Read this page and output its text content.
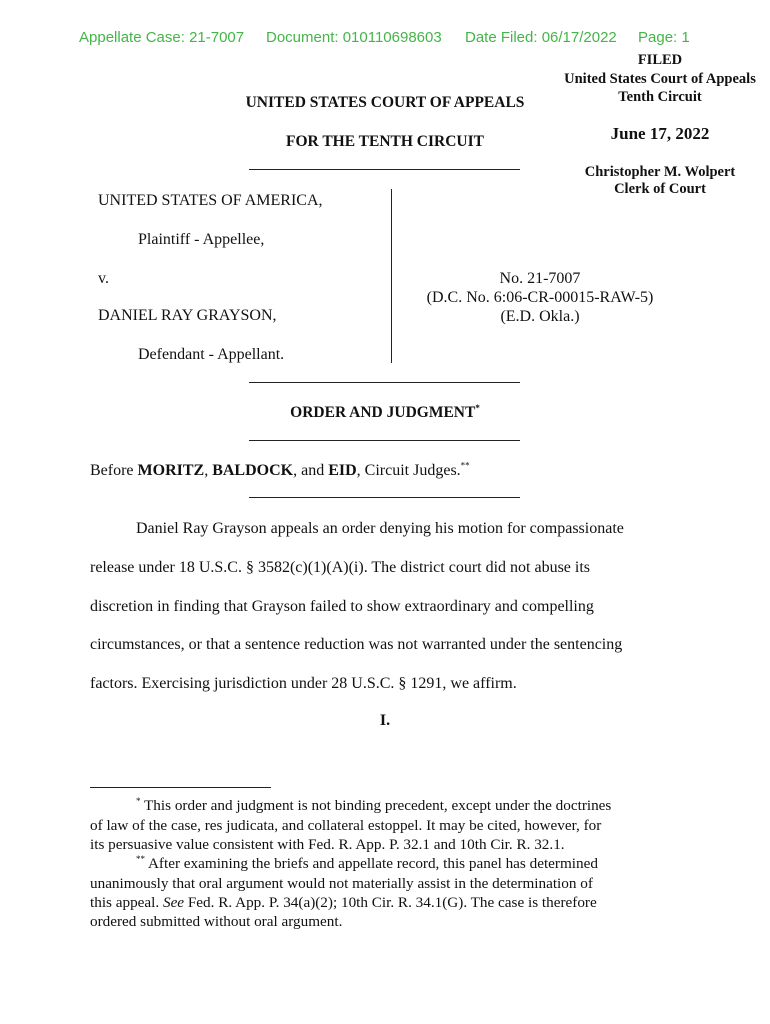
Appellate Case: 21-7007 Document: 010110698603 Date Filed: 06/17/2022 Page: 1
FILED
United States Court of Appeals
Tenth Circuit
June 17, 2022
Christopher M. Wolpert
Clerk of Court
UNITED STATES COURT OF APPEALS
FOR THE TENTH CIRCUIT
UNITED STATES OF AMERICA,
Plaintiff - Appellee,
v.
DANIEL RAY GRAYSON,
Defendant - Appellant.
No. 21-7007
(D.C. No. 6:06-CR-00015-RAW-5)
(E.D. Okla.)
ORDER AND JUDGMENT*
Before MORITZ, BALDOCK, and EID, Circuit Judges.**
Daniel Ray Grayson appeals an order denying his motion for compassionate
release under 18 U.S.C. § 3582(c)(1)(A)(i). The district court did not abuse its
discretion in finding that Grayson failed to show extraordinary and compelling
circumstances, or that a sentence reduction was not warranted under the sentencing
factors. Exercising jurisdiction under 28 U.S.C. § 1291, we affirm.
I.
* This order and judgment is not binding precedent, except under the doctrines
of law of the case, res judicata, and collateral estoppel. It may be cited, however, for
its persuasive value consistent with Fed. R. App. P. 32.1 and 10th Cir. R. 32.1.
** After examining the briefs and appellate record, this panel has determined
unanimously that oral argument would not materially assist in the determination of
this appeal. See Fed. R. App. P. 34(a)(2); 10th Cir. R. 34.1(G). The case is therefore
ordered submitted without oral argument.
